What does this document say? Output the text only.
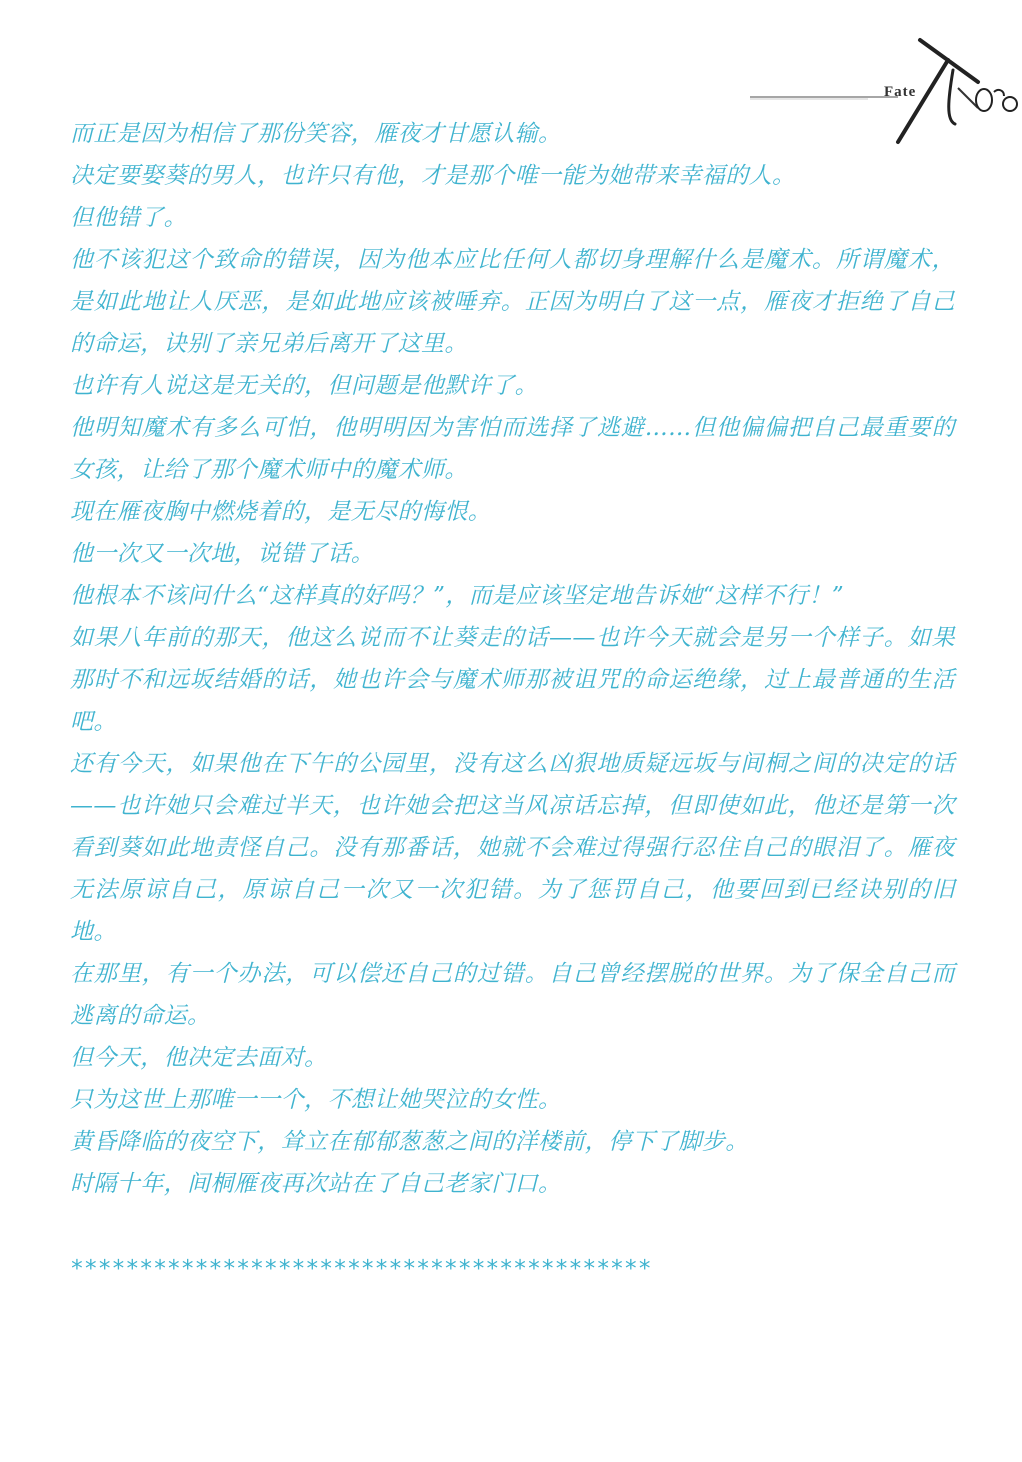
Fate

而正是因为相信了那份笑容，雁夜才甘愿认输。

决定要娶葵的男人，也许只有他，才是那个唯一能为她带来幸福的人。

但他错了。

他不该犯这个致命的错误，因为他本应比任何人都切身理解什么是魔术。所谓魔术，是如此地让人厌恶，是如此地应该被唾弃。正因为明白了这一点，雁夜才拒绝了自己的命运，诀别了亲兄弟后离开了这里。

也许有人说这是无关的，但问题是他默许了。

他明知魔术有多么可怕，他明明因为害怕而选择了逃避……但他偏偏把自己最重要的女孩，让给了那个魔术师中的魔术师。

现在雁夜胸中燃烧着的，是无尽的悔恨。

他一次又一次地，说错了话。

他根本不该问什么“这样真的好吗？”，而是应该坚定地告诉她“这样不行！”

如果八年前的那天，他这么说而不让葵走的话——也许今天就会是另一个样子。如果那时不和远坂结婚的话，她也许会与魔术师那被诅咒的命运绝缘，过上最普通的生活吧。

还有今天，如果他在下午的公园里，没有这么凶狠地质疑远坂与间桐之间的决定的话——也许她只会难过半天，也许她会把这当风凉话忘掉，但即使如此，他还是第一次看到葵如此地责怪自己。没有那番话，她就不会难过得强行忍住自己的眼泪了。雁夜无法原谅自己，原谅自己一次又一次犯错。为了惩罚自己，他要回到已经诀别的旧地。

在那里，有一个办法，可以偿还自己的过错。自己曾经摆脱的世界。为了保全自己而逃离的命运。

但今天，他决定去面对。

只为这世上那唯一一个，不想让她哭泣的女性。

黄昏降临的夜空下，耸立在郁郁葱葱之间的洋楼前，停下了脚步。

时隔十年，间桐雁夜再次站在了自己老家门口。

******************************************
